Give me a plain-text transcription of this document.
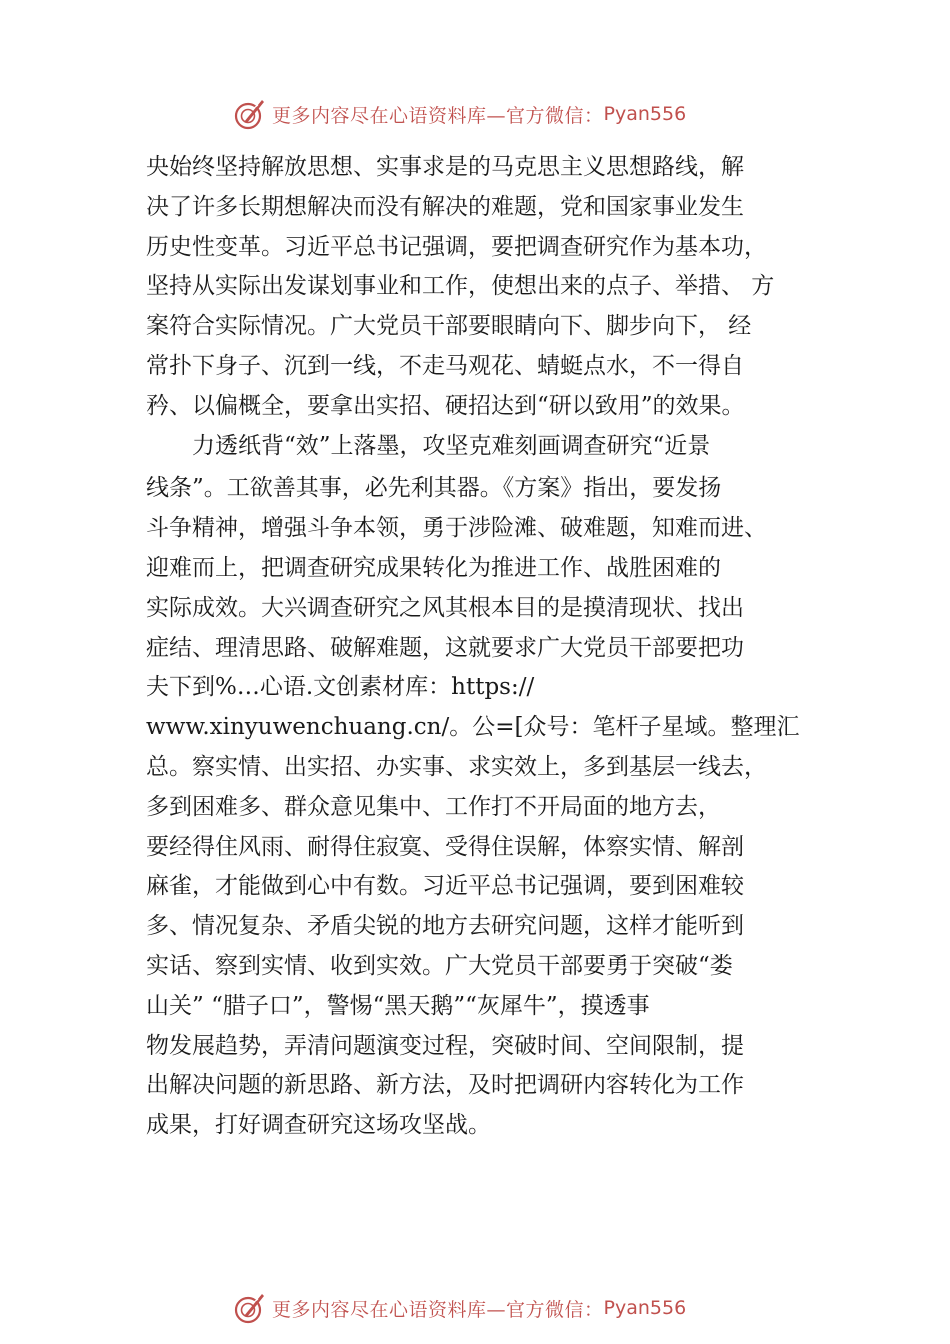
更多内容尽在心语资料库—官方微信： Pyan556
央始终坚持解放思想、实事求是的马克思主义思想路线，解
决了许多长期想解决而没有解决的难题，党和国家事业发生
历史性变革。习近平总书记强调，要把调查研究作为基本功，
坚持从实际出发谋划事业和工作，使想出来的点子、举措、 方
案符合实际情况。广大党员干部要眼睛向下、脚步向下， 经
常扑下身子、沉到一线，不走马观花、蜻蜓点水，不一得自
矜、以偏概全，要拿出实招、硬招达到“研以致用”的效果。
　　力透纸背“效”上落墨，攻坚克难刻画调查研究“近景
线条”。工欲善其事，必先利其器。《方案》指出，要发扬
斗争精神，增强斗争本领，勇于涉险滩、破难题，知难而进、
迎难而上，把调查研究成果转化为推进工作、战胜困难的
实际成效。大兴调查研究之风其根本目的是摸清现状、找出
症结、理清思路、破解难题，这就要求广大党员干部要把功
夫下到%…心语.文创素材库：https://
www.xinyuwenchuang.cn/。公=[众号：笔杆子星域。整理汇
总。察实情、出实招、办实事、求实效上，多到基层一线去，
多到困难多、群众意见集中、工作打不开局面的地方去，
要经得住风雨、耐得住寂寞、受得住误解，体察实情、解剖
麻雀，才能做到心中有数。习近平总书记强调，要到困难较
多、情况复杂、矛盾尖锐的地方去研究问题，这样才能听到
实话、察到实情、收到实效。广大党员干部要勇于突破“娄
山关” “腊子口”，警惕“黑天鹅”“灰犀牛”，摸透事
物发展趋势，弄清问题演变过程，突破时间、空间限制，提
出解决问题的新思路、新方法，及时把调研内容转化为工作
成果，打好调查研究这场攻坚战。
更多内容尽在心语资料库—官方微信： Pyan556
